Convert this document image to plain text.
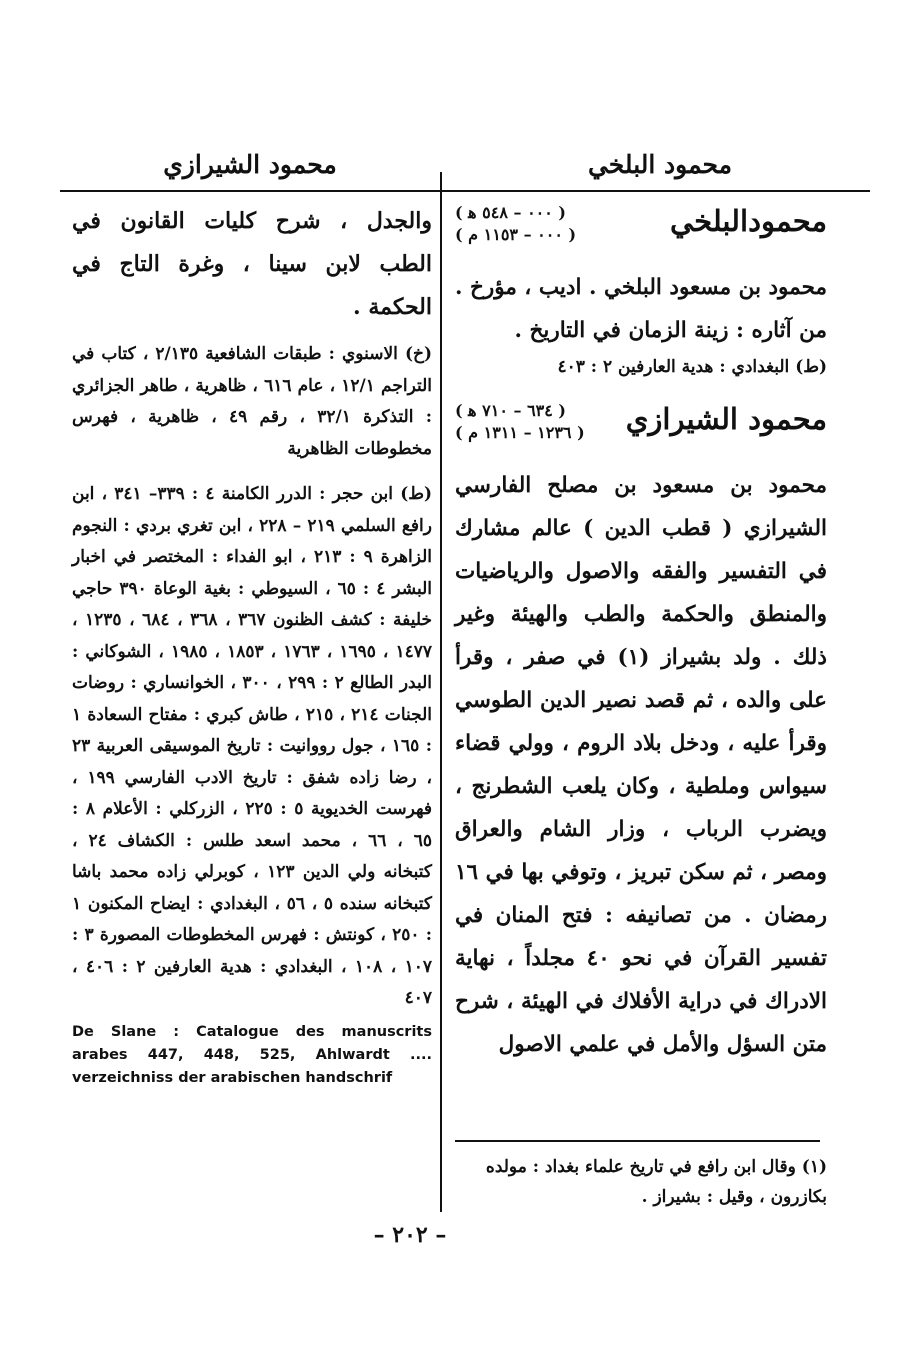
محمود البلخي
محمود الشيرازي
محمودالبلخي
( ٠٠٠ – ٥٤٨ ﻫ )
( ٠٠٠ – ١١٥٣ م )

محمود بن مسعود البلخي . اديب ، مؤرخ . من آثاره : زينة الزمان في التاريخ .

(ط) البغدادي : هدية العارفين ٢ : ٤٠٣

محمود الشيرازي
( ٦٣٤ – ٧١٠ ﻫ )
( ١٢٣٦ – ١٣١١ م )

محمود بن مسعود بن مصلح الفارسي الشيرازي ( قطب الدين ) عالم مشارك في التفسير والفقه والاصول والرياضيات والمنطق والحكمة والطب والهيئة وغير ذلك . ولد بشيراز (١) في صفر ، وقرأ على والده ، ثم قصد نصير الدين الطوسي وقرأ عليه ، ودخل بلاد الروم ، وولي قضاء سيواس وملطية ، وكان يلعب الشطرنج ، ويضرب الرباب ، وزار الشام والعراق ومصر ، ثم سكن تبريز ، وتوفي بها في ١٦ رمضان . من تصانيفه : فتح المنان في تفسير القرآن في نحو ٤٠ مجلداً ، نهاية الادراك في دراية الأفلاك في الهيئة ، شرح متن السؤل والأمل في علمي الاصول

والجدل ، شرح كليات القانون في الطب لابن سينا ، وغرة التاج في الحكمة .

(خ) الاسنوي : طبقات الشافعية ٢/١٣٥ ، كتاب في التراجم ١٢/١ ، عام ٦١٦ ، ظاهرية ، طاهر الجزائري : التذكرة ٣٢/١ ، رقم ٤٩ ، ظاهرية ، فهرس مخطوطات الظاهرية

(ط) ابن حجر : الدرر الكامنة ٤ : ٣٣٩– ٣٤١ ، ابن رافع السلمي ٢١٩ – ٢٢٨ ، ابن تغري بردي : النجوم الزاهرة ٩ : ٢١٣ ، ابو الفداء : المختصر في اخبار البشر ٤ : ٦٥ ، السيوطي : بغية الوعاة ٣٩٠ حاجي خليفة : كشف الظنون ٣٦٧ ، ٣٦٨ ، ٦٨٤ ، ١٢٣٥ ، ١٤٧٧ ، ١٦٩٥ ، ١٧٦٣ ، ١٨٥٣ ، ١٩٨٥ ، الشوكاني : البدر الطالع ٢ : ٢٩٩ ، ٣٠٠ ، الخوانساري : روضات الجنات ٢١٤ ، ٢١٥ ، طاش كبري : مفتاح السعادة ١ : ١٦٥ ، جول رووانيت : تاريخ الموسيقى العربية ٢٣ ، رضا زاده شفق : تاريخ الادب الفارسي ١٩٩ ، فهرست الخديوية ٥ : ٢٢٥ ، الزركلي : الأعلام ٨ : ٦٥ ، ٦٦ ، محمد اسعد طلس : الكشاف ٢٤ ، كتبخانه ولي الدين ١٢٣ ، كوبرلي زاده محمد باشا كتبخانه سنده ٥ ، ٥٦ ، البغدادي : ايضاح المكنون ١ : ٢٥٠ ، كونتش : فهرس المخطوطات المصورة ٣ : ١٠٧ ، ١٠٨ ، البغدادي : هدية العارفين ٢ : ٤٠٦ ، ٤٠٧

De Slane : Catalogue des manuscrits arabes 447, 448, 525, Ahlwardt .... verzeichniss der arabischen handschrif
(١) وقال ابن رافع في تاريخ علماء بغداد : مولده بكازرون ، وقيل : بشيراز .
– ٢٠٢ –
